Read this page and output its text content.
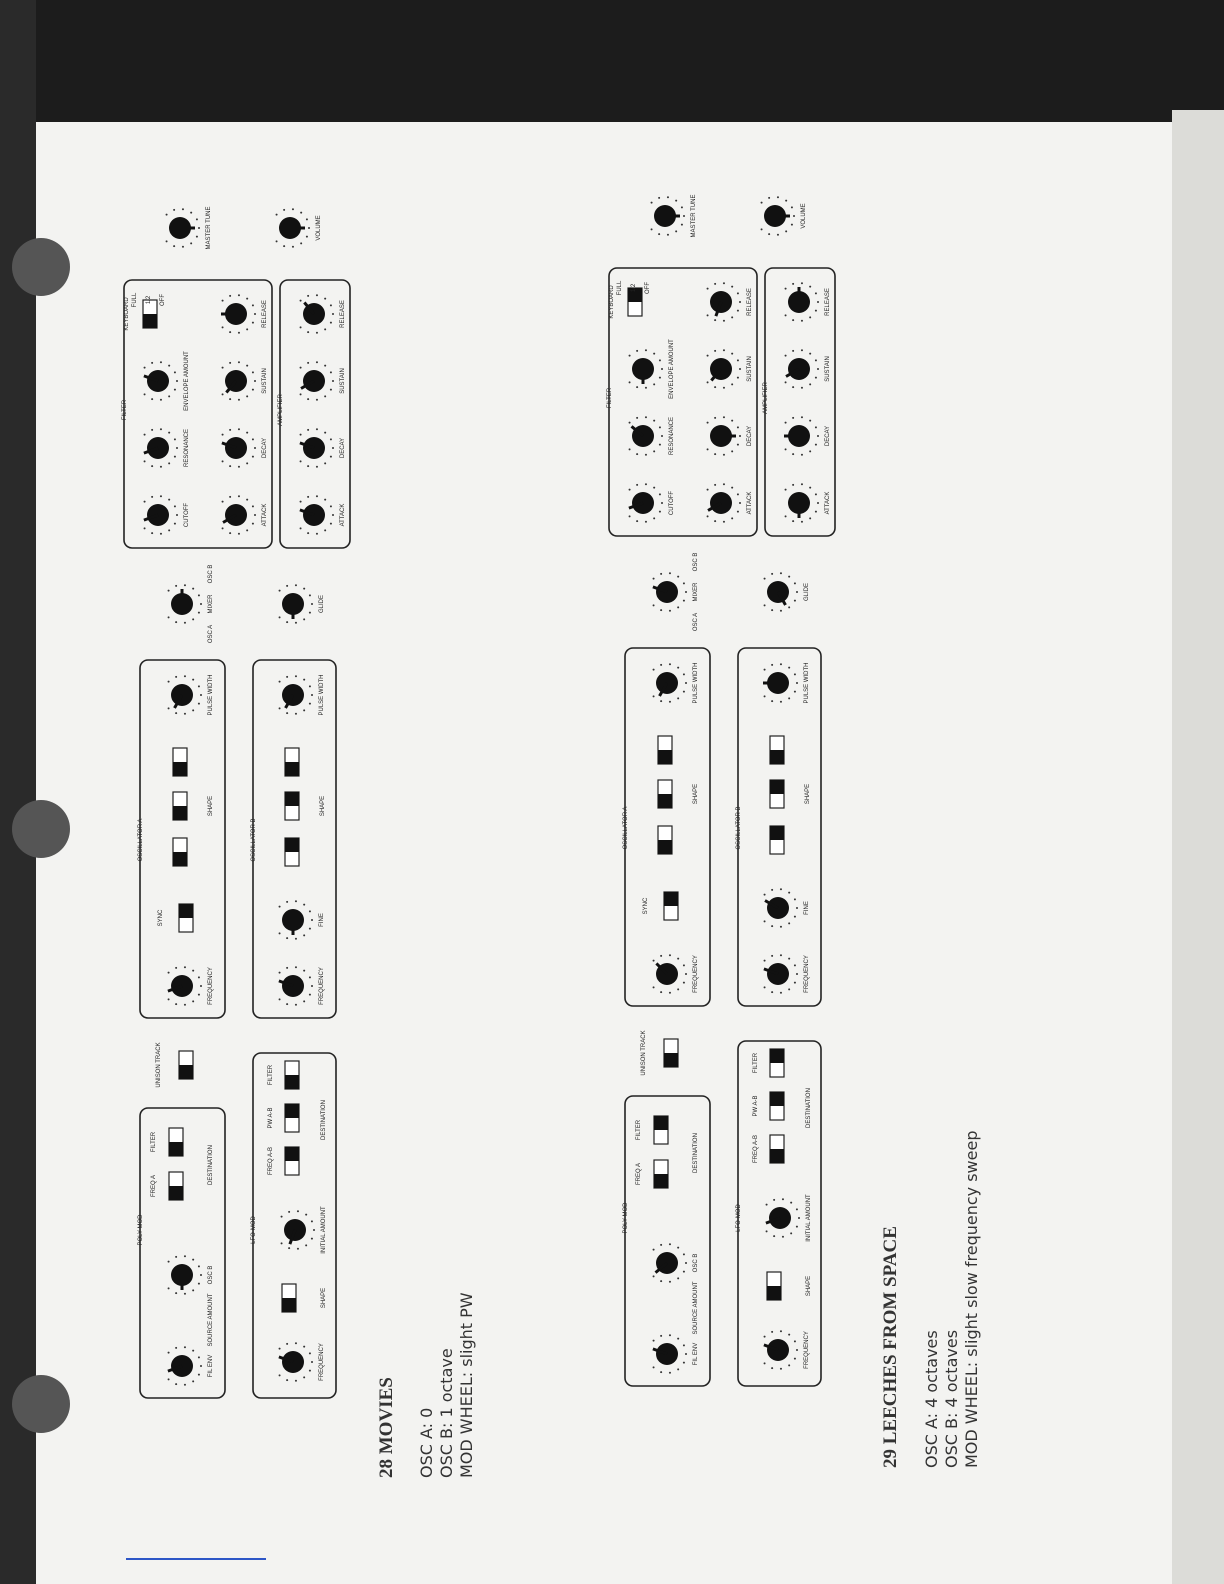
POLY-MOD
FIL ENV
OSC B
FREQ A
FILTER
SOURCE AMOUNT
DESTINATION
UNISON TRACK
LFO-MOD
FREQUENCY
SHAPE
INITIAL AMOUNT
FREQ A-B
PW A-B
FILTER
DESTINATION
OSCILLATOR A
FREQUENCY
SYNC
SHAPE
PULSE WIDTH
OSCILLATOR B
FREQUENCY
FINE
SHAPE
PULSE WIDTH
MIXER
OSC A
OSC B
GLIDE
FILTER
CUTOFF
RESONANCE
ENVELOPE AMOUNT
KEYBOARD FULL 1/2 OFF
ATTACK
DECAY
SUSTAIN
RELEASE
AMPLIFIER
ATTACK
DECAY
SUSTAIN
RELEASE
MASTER TUNE	VOLUME
POLY-MOD
FIL ENV
OSC B
FREQ A
FILTER
SOURCE AMOUNT
DESTINATION
UNISON TRACK
LFO-MOD
FREQUENCY
SHAPE
INITIAL AMOUNT
FREQ A-B
PW A-B
FILTER
DESTINATION
OSCILLATOR A
FREQUENCY
SYNC
SHAPE
PULSE WIDTH
OSCILLATOR B
FREQUENCY
FINE
SHAPE
PULSE WIDTH
MIXER
OSC A
OSC B
GLIDE
FILTER
CUTOFF
RESONANCE
ENVELOPE AMOUNT
KEYBOARD FULL 1/2 OFF
ATTACK
DECAY
SUSTAIN
RELEASE
AMPLIFIER
ATTACK
DECAY
SUSTAIN
RELEASE
MASTER TUNE	VOLUME
28 MOVIES OSC A: 0 OSC B: 1 octave MOD WHEEL: slight PW	29 LEECHES FROM SPACE OSC A: 4 octaves OSC B: 4 octaves MOD WHEEL: slight slow frequency sweep
